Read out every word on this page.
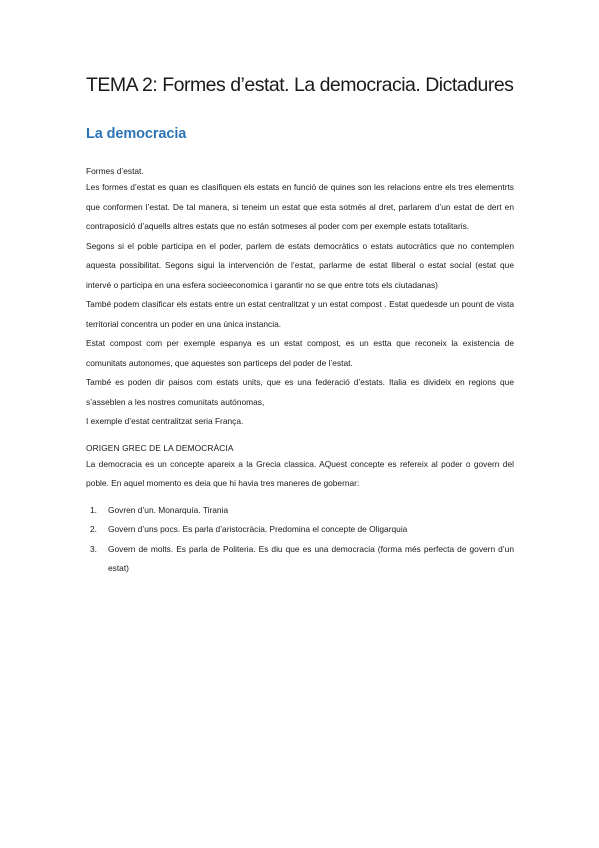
TEMA 2: Formes d’estat. La democracia. Dictadures
La democracia
Formes d’estat.

Les formes d’estat es quan es clasifiquen els estats en funció de quines son les relacions entre els tres elementrts que conformen l’estat. De tal manera, si teneim un estat que esta sotmés al dret, parlarem d’un estat de dert en contraposició d’aquells altres estats que no están sotmeses al poder com per exemple estats totalitaris.

Segons si el poble participa en el poder, parlem de estats democràtics o estats autocràtics que no contemplen aquesta possibilitat. Segons sigui la intervención de l’estat, parlarme de estat lliberal o estat social (estat que intervé o participa en una esfera socieeconomica i garantir no se que entre tots els ciutadanas)

També podem clasificar els estats entre un estat centralitzat y un estat compost . Estat quedesde un pount de vista territorial concentra un poder en una única instancia.

Estat compost com per exemple espanya es un estat compost, es un estta que reconeix la existencia de comunitats autonomes, que aquestes son particeps del poder de l’estat.

També es poden dir paisos com estats units, que es una federació d’estats. Italia es divideix en regions que s’asseblen a les nostres comunitats autónomas,

I exemple d’estat centralitzat seria França.

ORIGEN GREC DE LA DEMOCRÀCIA

La democracia es un concepte apareix a la Grecia classica. AQuest concepte es refereix al poder o govern del poble. En aquel momento es deia que hi havia tres maneres de gobernar:

1. Govren d’un. Monarquía. Tirania
2. Govern d’uns pocs. Es parla d’aristocràcia. Predomina el concepte de Oligarquia
3. Govern de molts. Es parla de Politeria. Es diu que es una democracia (forma més perfecta de govern d’un estat)
